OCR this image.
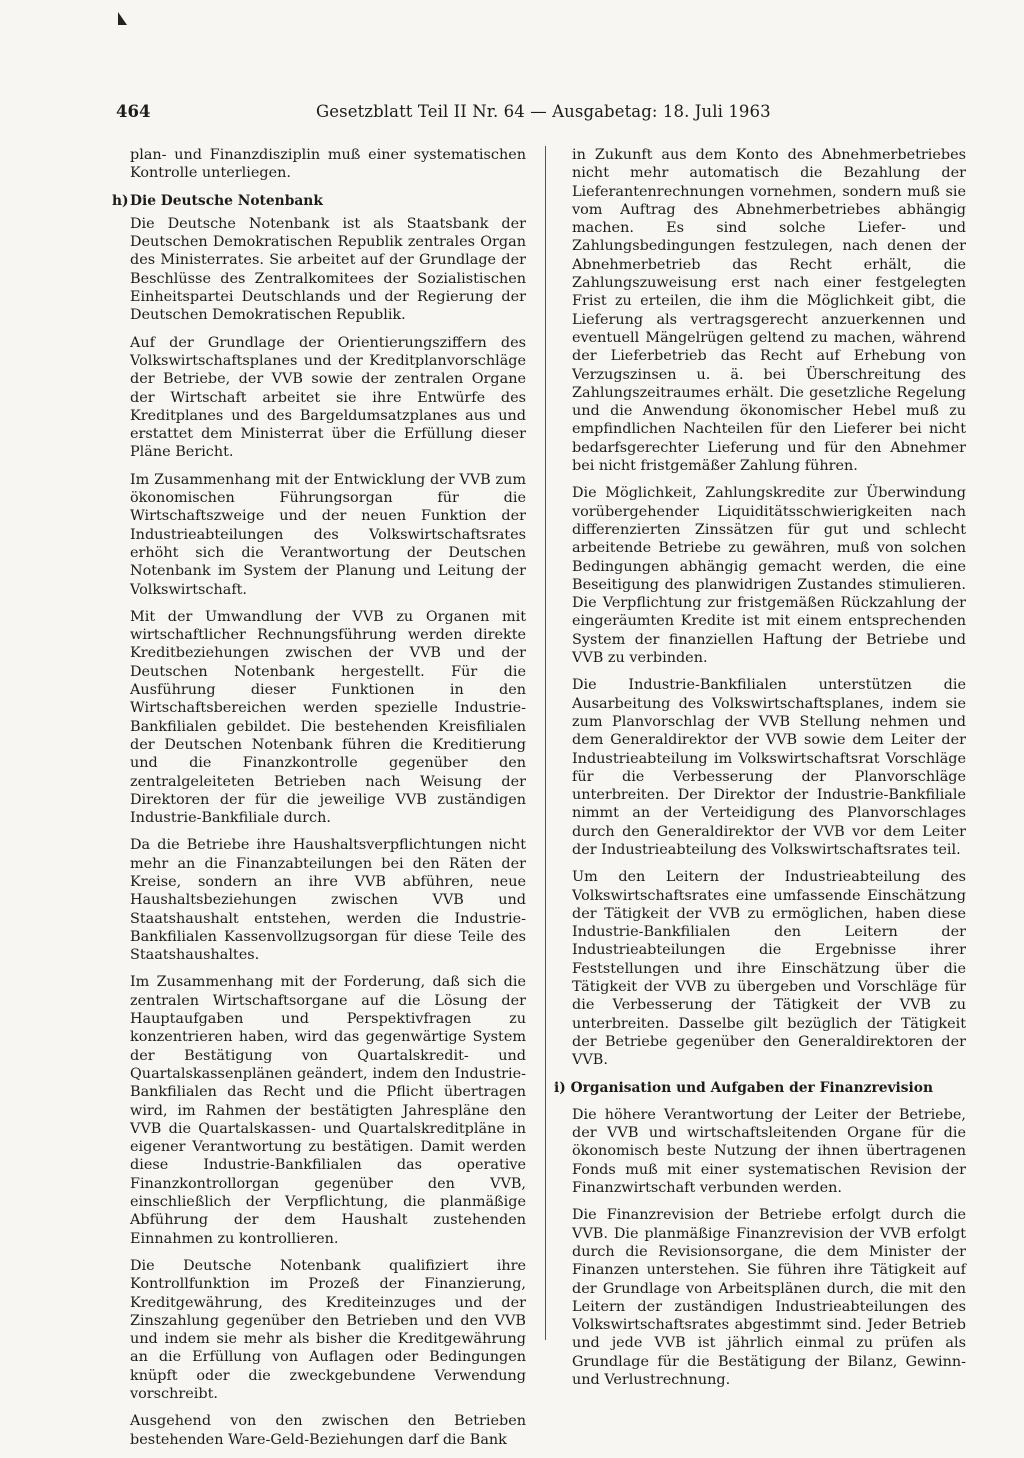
464	Gesetzblatt Teil II Nr. 64 — Ausgabetag: 18. Juli 1963

plan- und Finanzdisziplin muß einer systematischen Kontrolle unterliegen.

h) Die Deutsche Notenbank

Die Deutsche Notenbank ist als Staatsbank der Deutschen Demokratischen Republik zentrales Organ des Ministerrates. Sie arbeitet auf der Grundlage der Beschlüsse des Zentralkomitees der Sozialistischen Einheitspartei Deutschlands und der Regierung der Deutschen Demokratischen Republik.

Auf der Grundlage der Orientierungsziffern des Volkswirtschaftsplanes und der Kreditplanvorschläge der Betriebe, der VVB sowie der zentralen Organe der Wirtschaft arbeitet sie ihre Entwürfe des Kreditplanes und des Bargeldumsatzplanes aus und erstattet dem Ministerrat über die Erfüllung dieser Pläne Bericht.

Im Zusammenhang mit der Entwicklung der VVB zum ökonomischen Führungsorgan für die Wirtschaftszweige und der neuen Funktion der Industrieabteilungen des Volkswirtschaftsrates erhöht sich die Verantwortung der Deutschen Notenbank im System der Planung und Leitung der Volkswirtschaft.

Mit der Umwandlung der VVB zu Organen mit wirtschaftlicher Rechnungsführung werden direkte Kreditbeziehungen zwischen der VVB und der Deutschen Notenbank hergestellt. Für die Ausführung dieser Funktionen in den Wirtschaftsbereichen werden spezielle Industrie-Bankfilialen gebildet. Die bestehenden Kreisfilialen der Deutschen Notenbank führen die Kreditierung und die Finanzkontrolle gegenüber den zentralgeleiteten Betrieben nach Weisung der Direktoren der für die jeweilige VVB zuständigen Industrie-Bankfiliale durch.

Da die Betriebe ihre Haushaltsverpflichtungen nicht mehr an die Finanzabteilungen bei den Räten der Kreise, sondern an ihre VVB abführen, neue Haushaltsbeziehungen zwischen VVB und Staatshaushalt entstehen, werden die Industrie-Bankfilialen Kassenvollzugsorgan für diese Teile des Staatshaushaltes.

Im Zusammenhang mit der Forderung, daß sich die zentralen Wirtschaftsorgane auf die Lösung der Hauptaufgaben und Perspektivfragen zu konzentrieren haben, wird das gegenwärtige System der Bestätigung von Quartalskredit- und Quartalskassenplänen geändert, indem den Industrie-Bankfilialen das Recht und die Pflicht übertragen wird, im Rahmen der bestätigten Jahrespläne den VVB die Quartalskassen- und Quartalskreditpläne in eigener Verantwortung zu bestätigen. Damit werden diese Industrie-Bankfilialen das operative Finanzkontrollorgan gegenüber den VVB, einschließlich der Verpflichtung, die planmäßige Abführung der dem Haushalt zustehenden Einnahmen zu kontrollieren.

Die Deutsche Notenbank qualifiziert ihre Kontrollfunktion im Prozeß der Finanzierung, Kreditgewährung, des Krediteinzuges und der Zinszahlung gegenüber den Betrieben und den VVB und indem sie mehr als bisher die Kreditgewährung an die Erfüllung von Auflagen oder Bedingungen knüpft oder die zweckgebundene Verwendung vorschreibt.

Ausgehend von den zwischen den Betrieben bestehenden Ware-Geld-Beziehungen darf die Bank

in Zukunft aus dem Konto des Abnehmerbetriebes nicht mehr automatisch die Bezahlung der Lieferantenrechnungen vornehmen, sondern muß sie vom Auftrag des Abnehmerbetriebes abhängig machen. Es sind solche Liefer- und Zahlungsbedingungen festzulegen, nach denen der Abnehmerbetrieb das Recht erhält, die Zahlungszuweisung erst nach einer festgelegten Frist zu erteilen, die ihm die Möglichkeit gibt, die Lieferung als vertragsgerecht anzuerkennen und eventuell Mängelrügen geltend zu machen, während der Lieferbetrieb das Recht auf Erhebung von Verzugszinsen u. ä. bei Überschreitung des Zahlungszeitraumes erhält. Die gesetzliche Regelung und die Anwendung ökonomischer Hebel muß zu empfindlichen Nachteilen für den Lieferer bei nicht bedarfsgerechter Lieferung und für den Abnehmer bei nicht fristgemäßer Zahlung führen.

Die Möglichkeit, Zahlungskredite zur Überwindung vorübergehender Liquiditätsschwierigkeiten nach differenzierten Zinssätzen für gut und schlecht arbeitende Betriebe zu gewähren, muß von solchen Bedingungen abhängig gemacht werden, die eine Beseitigung des planwidrigen Zustandes stimulieren. Die Verpflichtung zur fristgemäßen Rückzahlung der eingeräumten Kredite ist mit einem entsprechenden System der finanziellen Haftung der Betriebe und VVB zu verbinden.

Die Industrie-Bankfilialen unterstützen die Ausarbeitung des Volkswirtschaftsplanes, indem sie zum Planvorschlag der VVB Stellung nehmen und dem Generaldirektor der VVB sowie dem Leiter der Industrieabteilung im Volkswirtschaftsrat Vorschläge für die Verbesserung der Planvorschläge unterbreiten. Der Direktor der Industrie-Bankfiliale nimmt an der Verteidigung des Planvorschlages durch den Generaldirektor der VVB vor dem Leiter der Industrieabteilung des Volkswirtschaftsrates teil.

Um den Leitern der Industrieabteilung des Volkswirtschaftsrates eine umfassende Einschätzung der Tätigkeit der VVB zu ermöglichen, haben diese Industrie-Bankfilialen den Leitern der Industrieabteilungen die Ergebnisse ihrer Feststellungen und ihre Einschätzung über die Tätigkeit der VVB zu übergeben und Vorschläge für die Verbesserung der Tätigkeit der VVB zu unterbreiten. Dasselbe gilt bezüglich der Tätigkeit der Betriebe gegenüber den Generaldirektoren der VVB.

i) Organisation und Aufgaben der Finanzrevision

Die höhere Verantwortung der Leiter der Betriebe, der VVB und wirtschaftsleitenden Organe für die ökonomisch beste Nutzung der ihnen übertragenen Fonds muß mit einer systematischen Revision der Finanzwirtschaft verbunden werden.

Die Finanzrevision der Betriebe erfolgt durch die VVB. Die planmäßige Finanzrevision der VVB erfolgt durch die Revisionsorgane, die dem Minister der Finanzen unterstehen. Sie führen ihre Tätigkeit auf der Grundlage von Arbeitsplänen durch, die mit den Leitern der zuständigen Industrieabteilungen des Volkswirtschaftsrates abgestimmt sind. Jeder Betrieb und jede VVB ist jährlich einmal zu prüfen als Grundlage für die Bestätigung der Bilanz, Gewinn- und Verlustrechnung.
